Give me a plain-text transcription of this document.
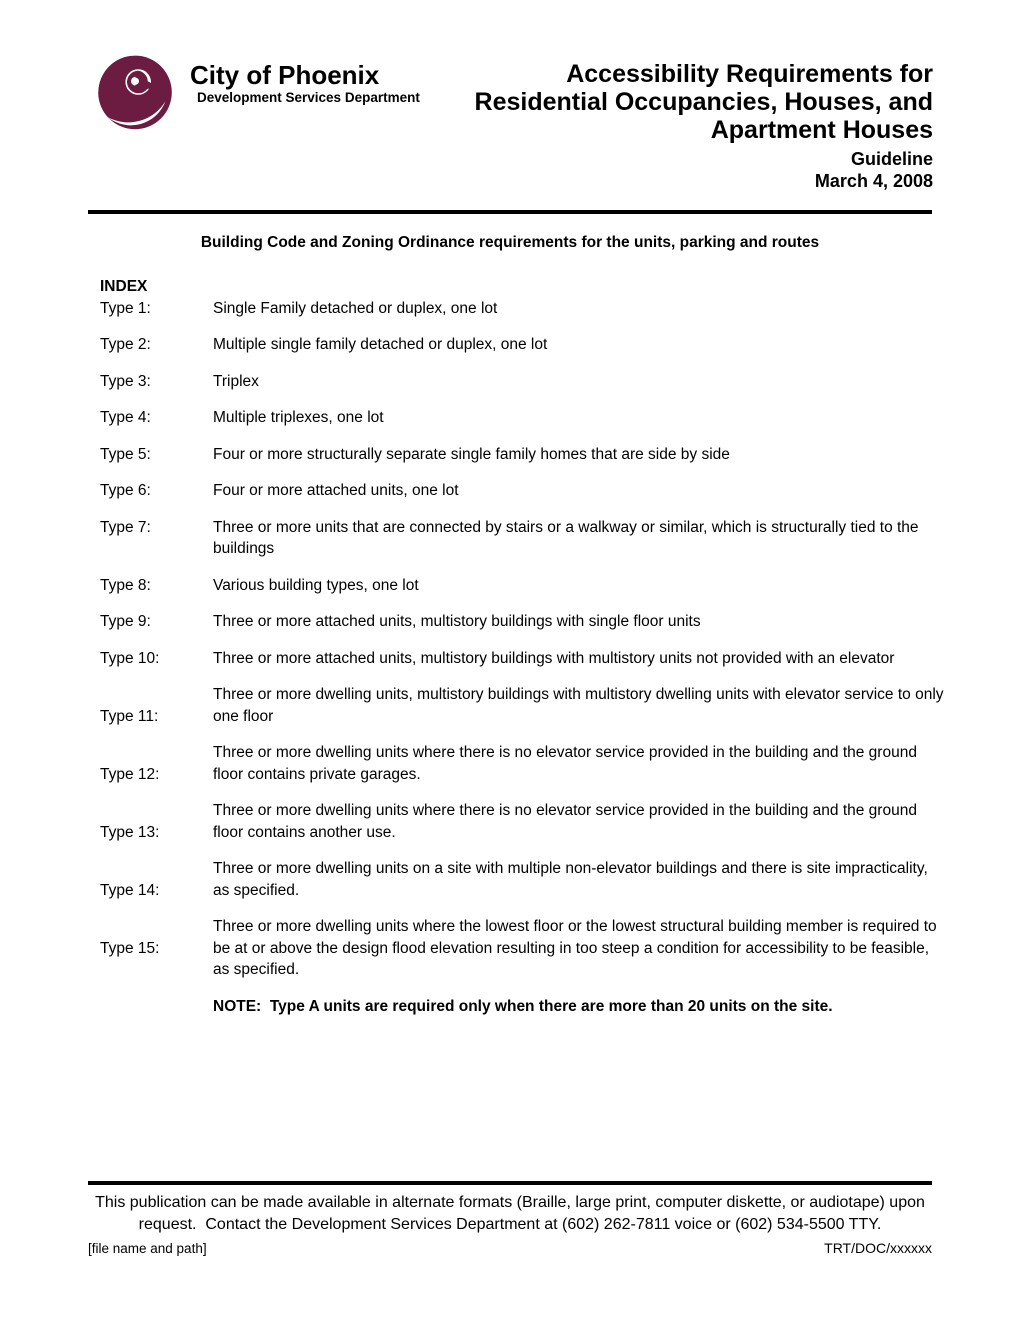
City of Phoenix
Development Services Department
Accessibility Requirements for
Residential Occupancies, Houses, and
Apartment Houses
Guideline
March 4, 2008
Building Code and Zoning Ordinance requirements for the units, parking and routes
INDEX
Type 1:	Single Family detached or duplex, one lot
Type 2:	Multiple single family detached or duplex, one lot
Type 3:	Triplex
Type 4:	Multiple triplexes, one lot
Type 5:	Four or more structurally separate single family homes that are side by side
Type 6:	Four or more attached units, one lot
Type 7:	Three or more units that are connected by stairs or a walkway or similar, which is structurally tied to the buildings
Type 8:	Various building types, one lot
Type 9:	Three or more attached units, multistory buildings with single floor units
Type 10:	Three or more attached units, multistory buildings with multistory units not provided with an elevator
Type 11:
Three or more dwelling units, multistory buildings with multistory dwelling units with elevator service to only one floor
Type 12:
Three or more dwelling units where there is no elevator service provided in the building and the ground floor contains private garages.
Type 13:
Three or more dwelling units where there is no elevator service provided in the building and the ground floor contains another use.
Type 14:
Three or more dwelling units on a site with multiple non-elevator buildings and there is site impracticality, as specified.
Type 15:
Three or more dwelling units where the lowest floor or the lowest structural building member is required to be at or above the design flood elevation resulting in too steep a condition for accessibility to be feasible, as specified.
NOTE:  Type A units are required only when there are more than 20 units on the site.
This publication can be made available in alternate formats (Braille, large print, computer diskette, or audiotape) upon request.  Contact the Development Services Department at (602) 262-7811 voice or (602) 534-5500 TTY.
[file name and path]	TRT/DOC/xxxxxx
